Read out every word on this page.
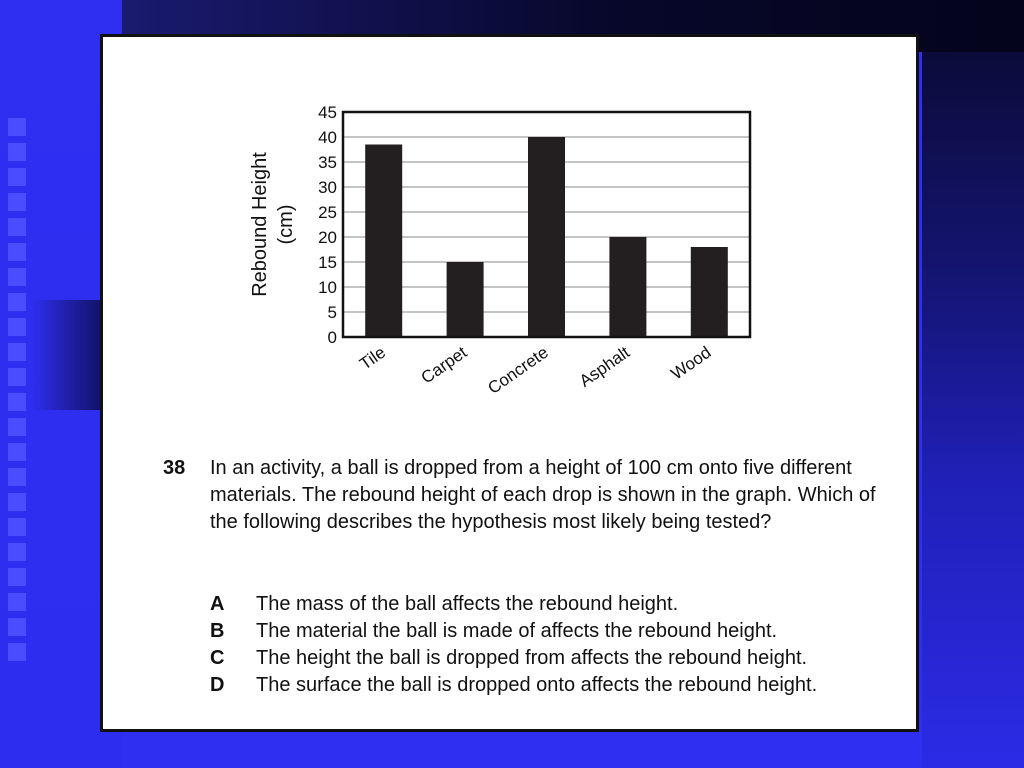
0
5
10
15
20
25
30
35
40
45
Tile Carpet Concrete Asphalt Wood
Rebound Height (cm)
38 In an activity, a ball is dropped from a height of 100 cm onto five different materials. The rebound height of each drop is shown in the graph. Which of the following describes the hypothesis most likely being tested?
A The mass of the ball affects the rebound height.
B The material the ball is made of affects the rebound height.
C The height the ball is dropped from affects the rebound height.
D The surface the ball is dropped onto affects the rebound height.
